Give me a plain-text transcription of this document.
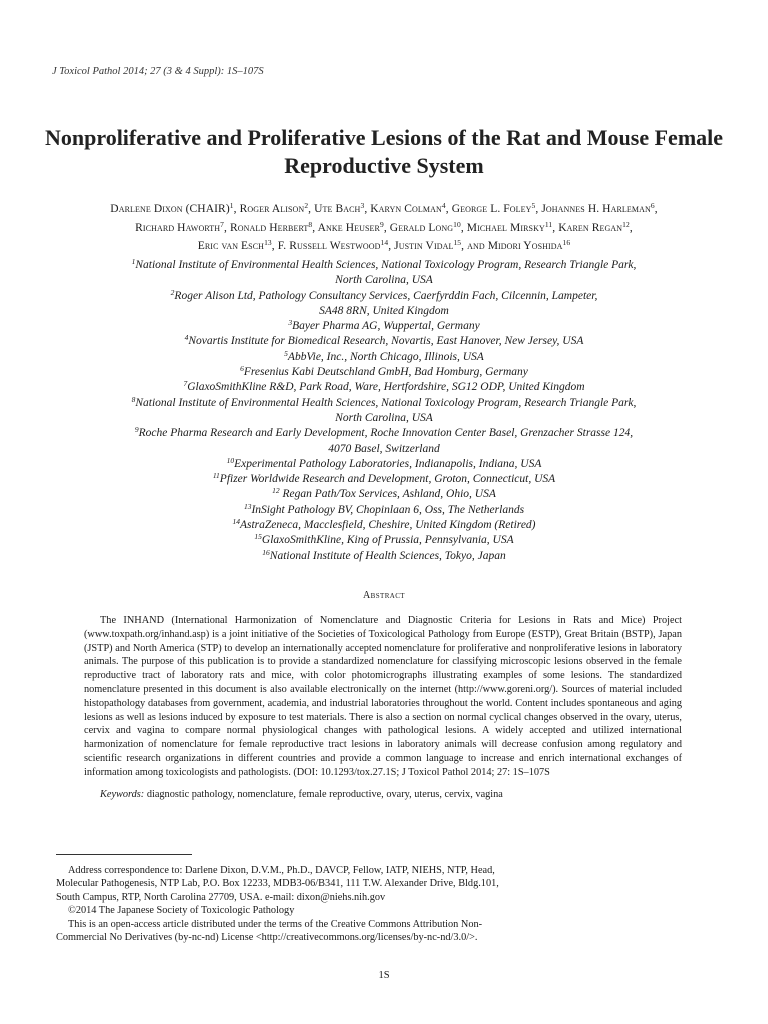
J Toxicol Pathol 2014; 27 (3 & 4 Suppl): 1S–107S
Nonproliferative and Proliferative Lesions of the Rat and Mouse Female Reproductive System
Darlene Dixon (CHAIR)$^1$, Roger Alison$^2$, Ute Bach$^3$, Karyn Colman$^4$, George L. Foley$^5$, Johannes H. Harleman$^6$,
Richard Haworth$^7$, Ronald Herbert$^8$, Anke Heuser$^9$, Gerald Long$^{10}$, Michael Mirsky$^{11}$, Karen Regan$^{12}$,
Eric van Esch$^{13}$, F. Russell Westwood$^{14}$, Justin Vidal$^{15}$, and Midori Yoshida$^{16}$
$^1$National Institute of Environmental Health Sciences, National Toxicology Program, Research Triangle Park,
North Carolina, USA
$^2$Roger Alison Ltd, Pathology Consultancy Services, Caerfyrddin Fach, Cilcennin, Lampeter,
SA48 8RN, United Kingdom
$^3$Bayer Pharma AG, Wuppertal, Germany
$^4$Novartis Institute for Biomedical Research, Novartis, East Hanover, New Jersey, USA
$^5$AbbVie, Inc., North Chicago, Illinois, USA
$^6$Fresenius Kabi Deutschland GmbH, Bad Homburg, Germany
$^7$GlaxoSmithKline R&D, Park Road, Ware, Hertfordshire, SG12 ODP, United Kingdom
$^8$National Institute of Environmental Health Sciences, National Toxicology Program, Research Triangle Park,
North Carolina, USA
$^9$Roche Pharma Research and Early Development, Roche Innovation Center Basel, Grenzacher Strasse 124,
4070 Basel, Switzerland
$^{10}$Experimental Pathology Laboratories, Indianapolis, Indiana, USA
$^{11}$Pfizer Worldwide Research and Development, Groton, Connecticut, USA
$^{12}$ Regan Path/Tox Services, Ashland, Ohio, USA
$^{13}$InSight Pathology BV, Chopinlaan 6, Oss, The Netherlands
$^{14}$AstraZeneca, Macclesfield, Cheshire, United Kingdom (Retired)
$^{15}$GlaxoSmithKline, King of Prussia, Pennsylvania, USA
$^{16}$National Institute of Health Sciences, Tokyo, Japan
Abstract

The INHAND (International Harmonization of Nomenclature and Diagnostic Criteria for Lesions in Rats and Mice) Project (www.toxpath.org/inhand.asp) is a joint initiative of the Societies of Toxicological Pathology from Europe (ESTP), Great Britain (BSTP), Japan (JSTP) and North America (STP) to develop an internationally accepted nomenclature for proliferative and nonproliferative lesions in laboratory animals. The purpose of this publication is to provide a standardized nomenclature for classifying microscopic lesions observed in the female reproductive tract of laboratory rats and mice, with color photomicrographs illustrating examples of some lesions. The standardized nomenclature presented in this document is also available electronically on the internet (http://www.goreni.org/). Sources of material included histopathology databases from government, academia, and industrial laboratories throughout the world. Content includes spontaneous and aging lesions as well as lesions induced by exposure to test materials. There is also a section on normal cyclical changes observed in the ovary, uterus, cervix and vagina to compare normal physiological changes with pathological lesions. A widely accepted and utilized international harmonization of nomenclature for female reproductive tract lesions in laboratory animals will decrease confusion among regulatory and scientific research organizations in different countries and provide a common language to increase and enrich international exchanges of information among toxicologists and pathologists. (DOI: 10.1293/tox.27.1S; J Toxicol Pathol 2014; 27: 1S–107S

Keywords: diagnostic pathology, nomenclature, female reproductive, ovary, uterus, cervix, vagina
Address correspondence to: Darlene Dixon, D.V.M., Ph.D., DAVCP, Fellow, IATP, NIEHS, NTP, Head,
Molecular Pathogenesis, NTP Lab, P.O. Box 12233, MDB3-06/B341, 111 T.W. Alexander Drive, Bldg.101,
South Campus, RTP, North Carolina 27709, USA. e-mail: dixon@niehs.nih.gov
©2014 The Japanese Society of Toxicologic Pathology
This is an open-access article distributed under the terms of the Creative Commons Attribution Non-
Commercial No Derivatives (by-nc-nd) License <http://creativecommons.org/licenses/by-nc-nd/3.0/>.
1S
